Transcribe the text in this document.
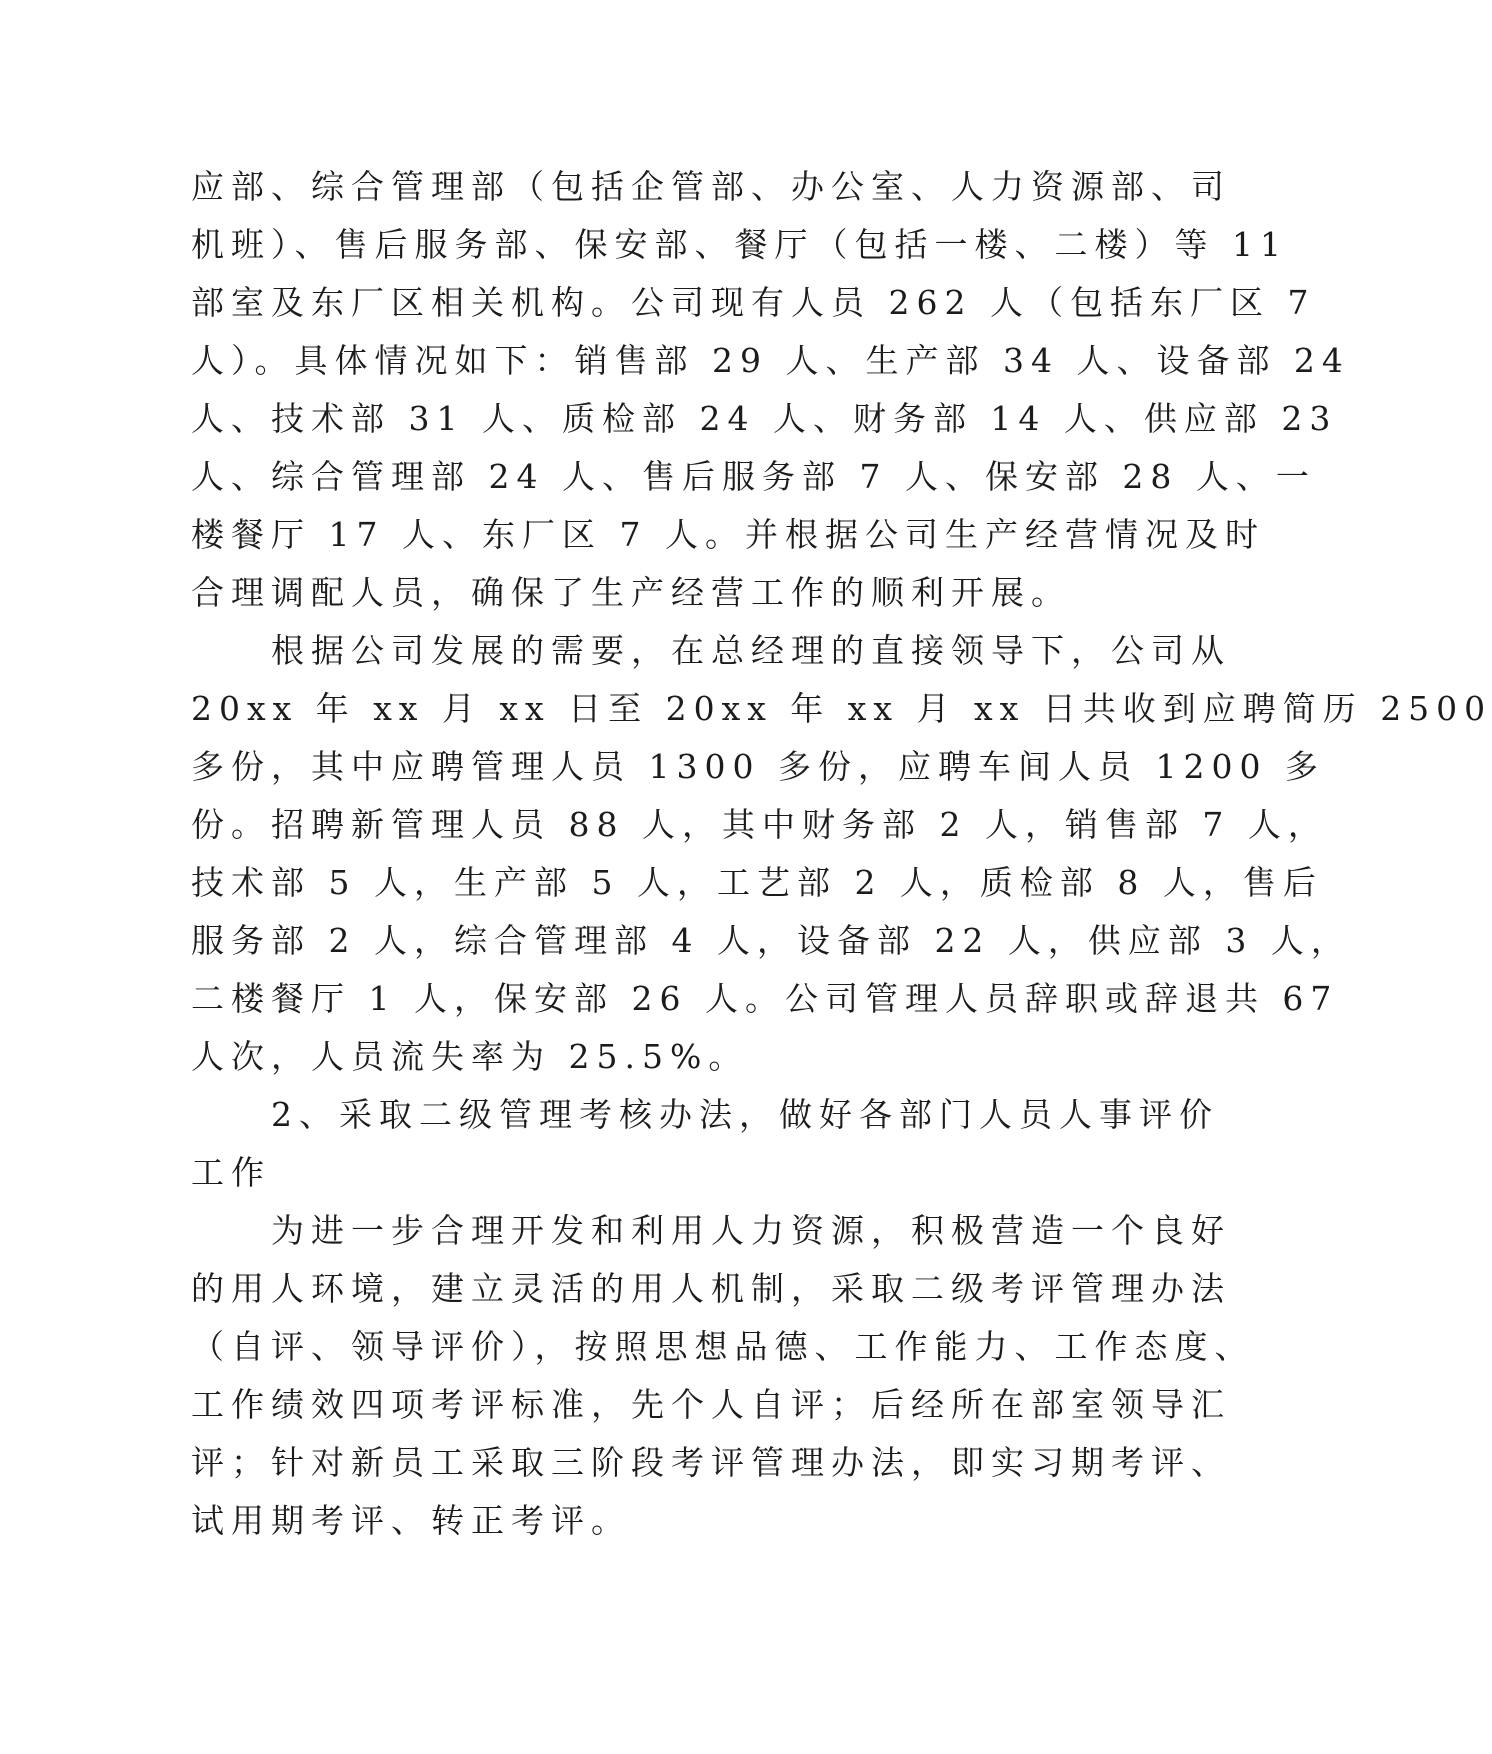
应部、综合管理部（包括企管部、办公室、人力资源部、司
机班）、售后服务部、保安部、餐厅（包括一楼、二楼）等 11
部室及东厂区相关机构。公司现有人员 262 人（包括东厂区 7
人）。具体情况如下：销售部 29 人、生产部 34 人、设备部 24
人、技术部 31 人、质检部 24 人、财务部 14 人、供应部 23
人、综合管理部 24 人、售后服务部 7 人、保安部 28 人、一
楼餐厅 17 人、东厂区 7 人。并根据公司生产经营情况及时
合理调配人员，确保了生产经营工作的顺利开展。
　　根据公司发展的需要，在总经理的直接领导下，公司从
20xx 年 xx 月 xx 日至 20xx 年 xx 月 xx 日共收到应聘简历 2500
多份，其中应聘管理人员 1300 多份，应聘车间人员 1200 多
份。招聘新管理人员 88 人，其中财务部 2 人，销售部 7 人，
技术部 5 人，生产部 5 人，工艺部 2 人，质检部 8 人，售后
服务部 2 人，综合管理部 4 人，设备部 22 人，供应部 3 人，
二楼餐厅 1 人，保安部 26 人。公司管理人员辞职或辞退共 67
人次，人员流失率为 25.5%。
　　2、采取二级管理考核办法，做好各部门人员人事评价
工作
　　为进一步合理开发和利用人力资源，积极营造一个良好
的用人环境，建立灵活的用人机制，采取二级考评管理办法
（自评、领导评价），按照思想品德、工作能力、工作态度、
工作绩效四项考评标准，先个人自评；后经所在部室领导汇
评；针对新员工采取三阶段考评管理办法，即实习期考评、
试用期考评、转正考评。
